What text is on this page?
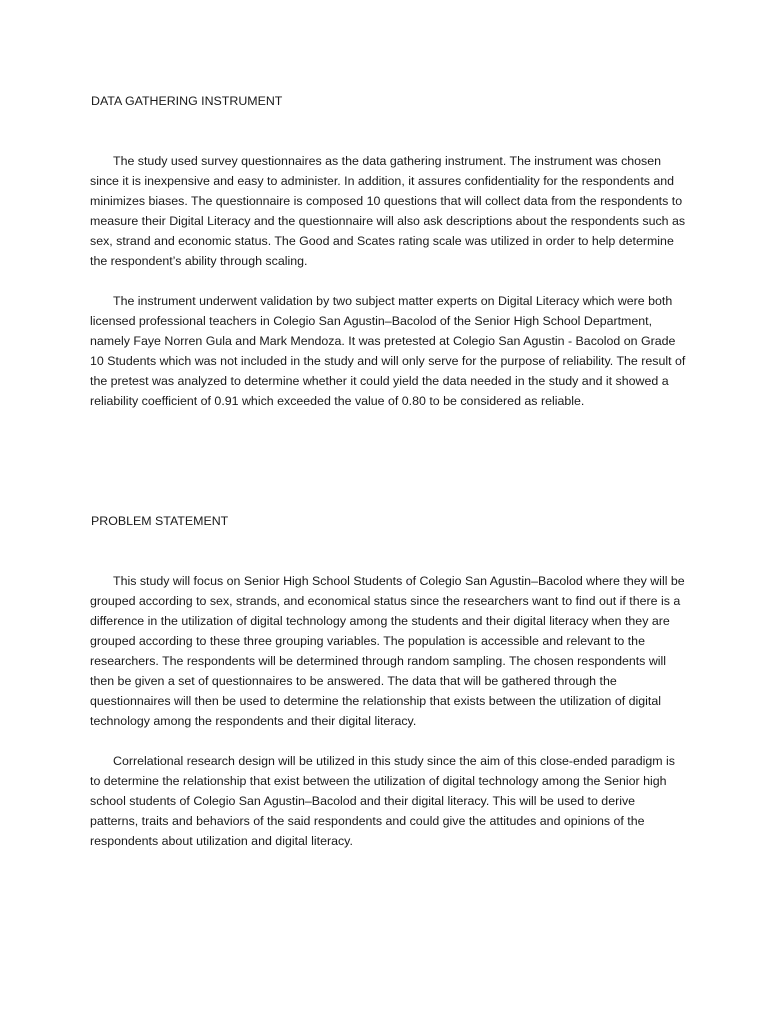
DATA GATHERING INSTRUMENT

The study used survey questionnaires as the data gathering instrument. The instrument was chosen since it is inexpensive and easy to administer. In addition, it assures confidentiality for the respondents and minimizes biases. The questionnaire is composed 10 questions that will collect data from the respondents to measure their Digital Literacy and the questionnaire will also ask descriptions about the respondents such as sex, strand and economic status. The Good and Scates rating scale was utilized in order to help determine the respondent’s ability through scaling.

The instrument underwent validation by two subject matter experts on Digital Literacy which were both licensed professional teachers in Colegio San Agustin–Bacolod of the Senior High School Department, namely Faye Norren Gula and Mark Mendoza. It was pretested at Colegio San Agustin - Bacolod on Grade 10 Students which was not included in the study and will only serve for the purpose of reliability. The result of the pretest was analyzed to determine whether it could yield the data needed in the study and it showed a reliability coefficient of 0.91 which exceeded the value of 0.80 to be considered as reliable.

PROBLEM STATEMENT

This study will focus on Senior High School Students of Colegio San Agustin–Bacolod where they will be grouped according to sex, strands, and economical status since the researchers want to find out if there is a difference in the utilization of digital technology among the students and their digital literacy when they are grouped according to these three grouping variables. The population is accessible and relevant to the researchers. The respondents will be determined through random sampling. The chosen respondents will then be given a set of questionnaires to be answered. The data that will be gathered through the questionnaires will then be used to determine the relationship that exists between the utilization of digital technology among the respondents and their digital literacy.

Correlational research design will be utilized in this study since the aim of this close-ended paradigm is to determine the relationship that exist between the utilization of digital technology among the Senior high school students of Colegio San Agustin–Bacolod and their digital literacy. This will be used to derive patterns, traits and behaviors of the said respondents and could give the attitudes and opinions of the respondents about utilization and digital literacy.
